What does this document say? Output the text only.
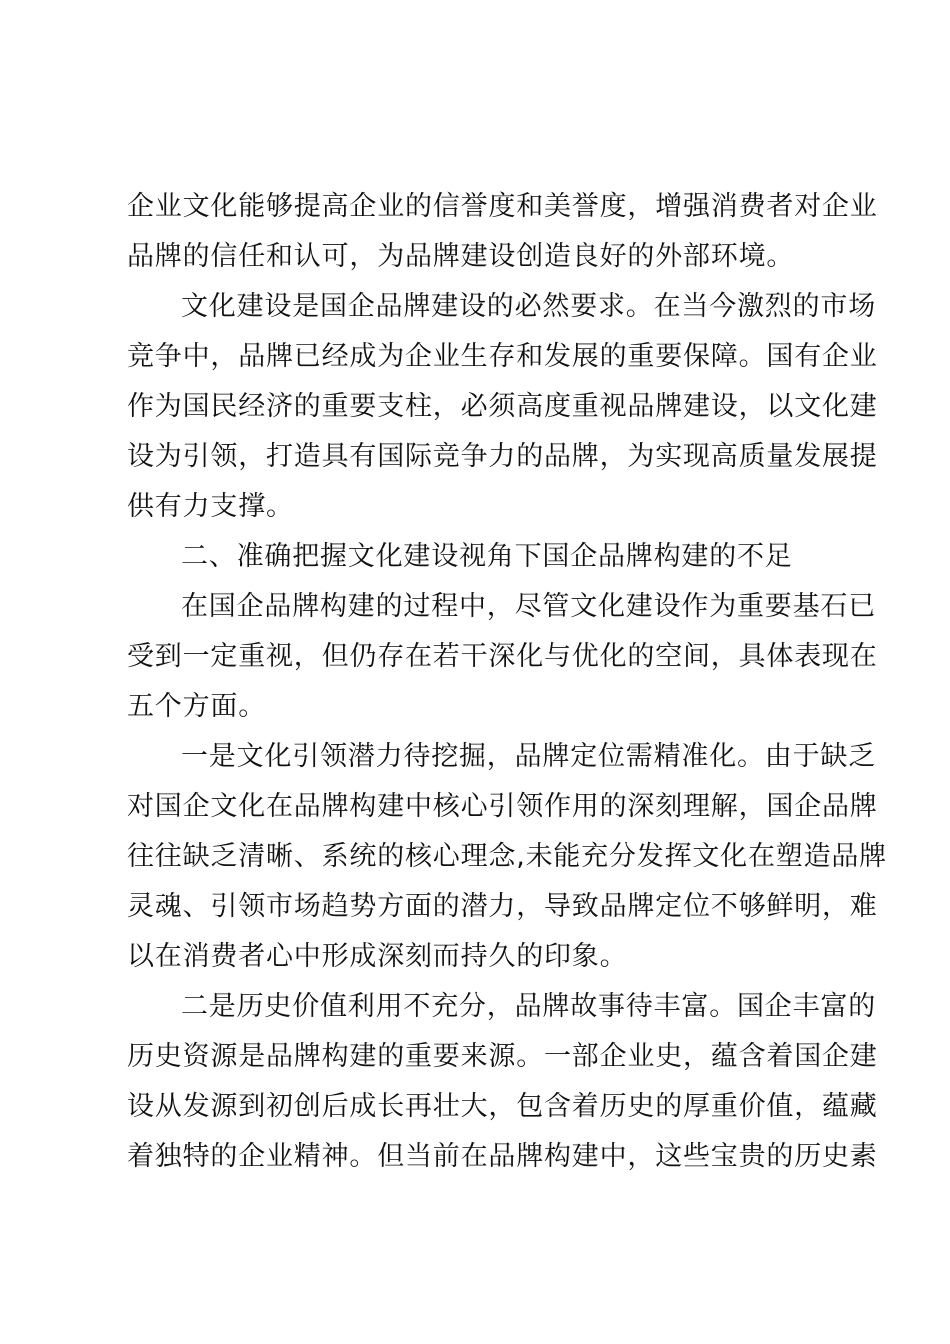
企业文化能够提高企业的信誉度和美誉度，增强消费者对企业
品牌的信任和认可，为品牌建设创造良好的外部环境。
文化建设是国企品牌建设的必然要求。在当今激烈的市场
竞争中，品牌已经成为企业生存和发展的重要保障。国有企业
作为国民经济的重要支柱，必须高度重视品牌建设，以文化建
设为引领，打造具有国际竞争力的品牌，为实现高质量发展提
供有力支撑。
二、准确把握文化建设视角下国企品牌构建的不足
在国企品牌构建的过程中，尽管文化建设作为重要基石已
受到一定重视，但仍存在若干深化与优化的空间，具体表现在
五个方面。
一是文化引领潜力待挖掘，品牌定位需精准化。由于缺乏
对国企文化在品牌构建中核心引领作用的深刻理解，国企品牌
往往缺乏清晰、系统的核心理念,未能充分发挥文化在塑造品牌
灵魂、引领市场趋势方面的潜力，导致品牌定位不够鲜明，难
以在消费者心中形成深刻而持久的印象。
二是历史价值利用不充分，品牌故事待丰富。国企丰富的
历史资源是品牌构建的重要来源。一部企业史，蕴含着国企建
设从发源到初创后成长再壮大，包含着历史的厚重价值，蕴藏
着独特的企业精神。但当前在品牌构建中，这些宝贵的历史素
